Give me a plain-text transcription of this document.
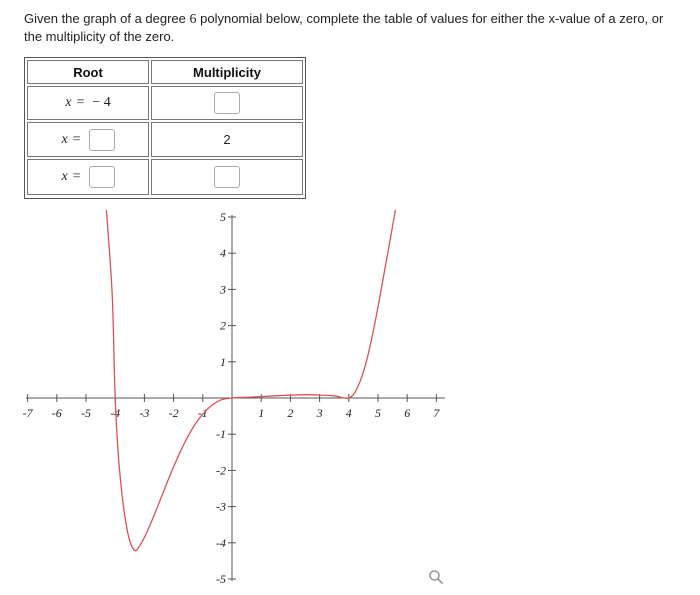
Given the graph of a degree 6 polynomial below, complete the table of values for either the x-value of a zero, or the multiplicity of the zero.
Root	Multiplicity
x = − 4
x =	2
x =
-7 -6 -5 -4 -3 -2 -1	1 2 3 4 5 6 7
5
4
3
2
1
-1
-2
-3
-4
-5
